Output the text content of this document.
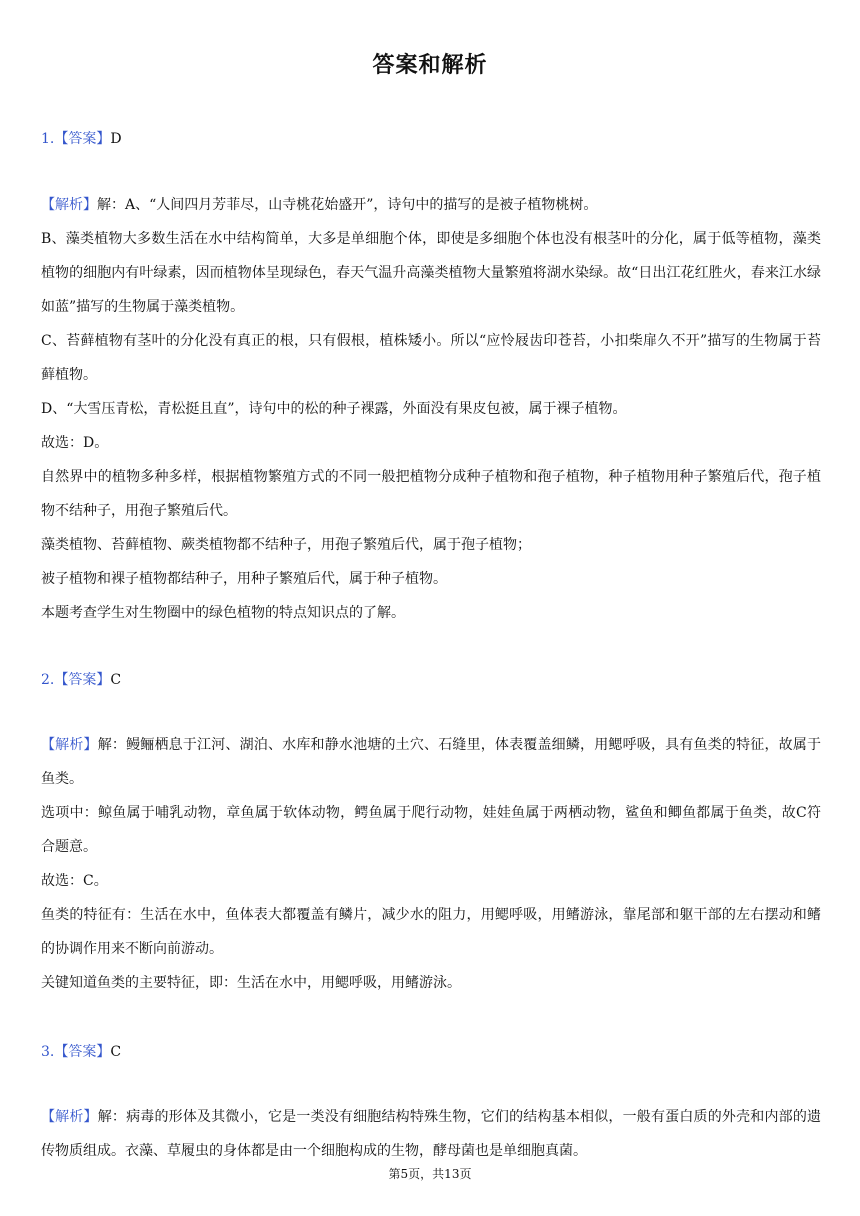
答案和解析
1.【答案】D

【解析】解：A、“人间四月芳菲尽，山寺桃花始盛开”，诗句中的描写的是被子植物桃树。

B、藻类植物大多数生活在水中结构简单，大多是单细胞个体，即使是多细胞个体也没有根茎叶的分化，属于低等植物，藻类植物的细胞内有叶绿素，因而植物体呈现绿色，春天气温升高藻类植物大量繁殖将湖水染绿。故“日出江花红胜火，春来江水绿如蓝”描写的生物属于藻类植物。

C、苔藓植物有茎叶的分化没有真正的根，只有假根，植株矮小。所以“应怜屐齿印苍苔，小扣柴扉久不开”描写的生物属于苔藓植物。

D、“大雪压青松，青松挺且直”，诗句中的松的种子裸露，外面没有果皮包被，属于裸子植物。

故选：D。

自然界中的植物多种多样，根据植物繁殖方式的不同一般把植物分成种子植物和孢子植物，种子植物用种子繁殖后代，孢子植物不结种子，用孢子繁殖后代。

藻类植物、苔藓植物、蕨类植物都不结种子，用孢子繁殖后代，属于孢子植物；

被子植物和裸子植物都结种子，用种子繁殖后代，属于种子植物。

本题考查学生对生物圈中的绿色植物的特点知识点的了解。

2.【答案】C

【解析】解：鳗鲡栖息于江河、湖泊、水库和静水池塘的土穴、石缝里，体表覆盖细鳞，用鳃呼吸，具有鱼类的特征，故属于鱼类。

选项中：鲸鱼属于哺乳动物，章鱼属于软体动物，鳄鱼属于爬行动物，娃娃鱼属于两栖动物，鲨鱼和鲫鱼都属于鱼类，故C符合题意。

故选：C。

鱼类的特征有：生活在水中，鱼体表大都覆盖有鳞片，减少水的阻力，用鳃呼吸，用鳍游泳，靠尾部和躯干部的左右摆动和鳍的协调作用来不断向前游动。

关键知道鱼类的主要特征，即：生活在水中，用鳃呼吸，用鳍游泳。

3.【答案】C

【解析】解：病毒的形体及其微小，它是一类没有细胞结构特殊生物，它们的结构基本相似，一般有蛋白质的外壳和内部的遗传物质组成。衣藻、草履虫的身体都是由一个细胞构成的生物，酵母菌也是单细胞真菌。

第5页，共13页
